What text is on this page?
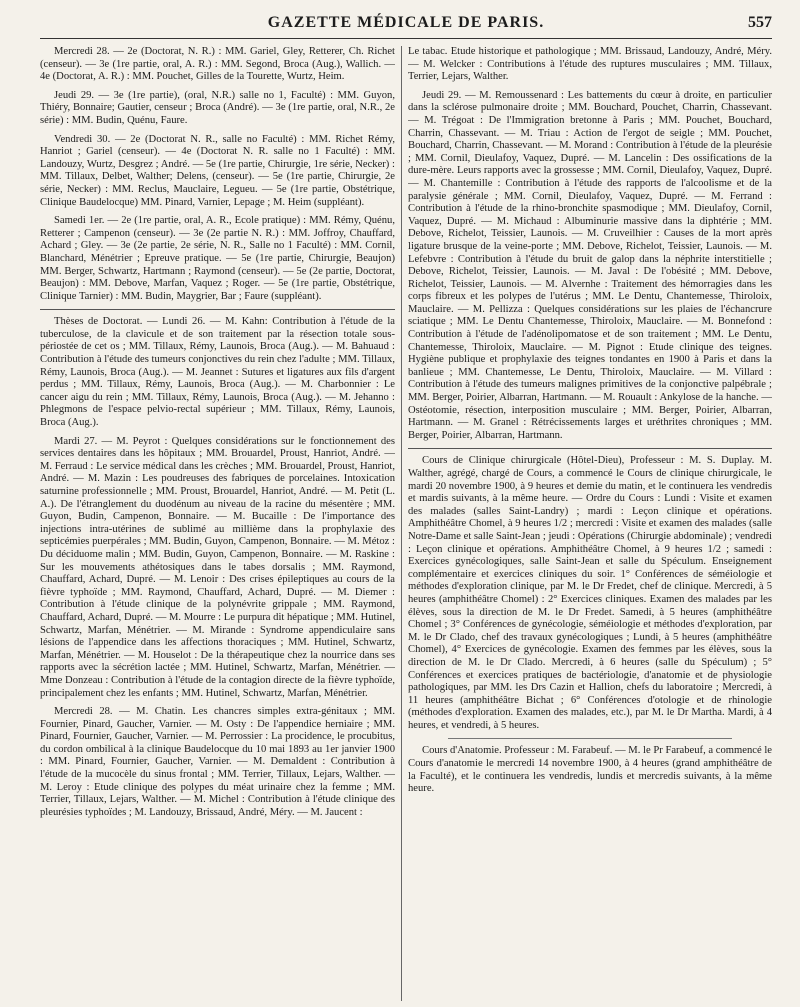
GAZETTE MÉDICALE DE PARIS.	557

Mercredi 28. — 2e (Doctorat, N. R.) : MM. Gariel, Gley, Retterer, Ch. Richet (censeur). — 3e (1re partie, oral, A. R.) : MM. Segond, Broca (Aug.), Wallich. — 4e (Doctorat, A. R.) : MM. Pouchet, Gilles de la Tourette, Wurtz, Heim.

Jeudi 29. — 3e (1re partie), (oral, N.R.) salle no 1, Faculté) : MM. Guyon, Thiéry, Bonnaire; Gautier, censeur ; Broca (André). — 3e (1re partie, oral, N.R., 2e série) : MM. Budin, Quénu, Faure.

Vendredi 30. — 2e (Doctorat N. R., salle no Faculté) : MM. Richet Rémy, Hanriot ; Gariel (censeur). — 4e (Doctorat N. R. salle no 1 Faculté) : MM. Landouzy, Wurtz, Desgrez ; André. — 5e (1re partie, Chirurgie, 1re série, Necker) : MM. Tillaux, Delbet, Walther; Delens, (censeur). — 5e (1re partie, Chirurgie, 2e série, Necker) : MM. Reclus, Mauclaire, Legueu. — 5e (1re partie, Obstétrique, Clinique Baudelocque) MM. Pinard, Varnier, Lepage ; M. Heim (suppléant).

Samedi 1er. — 2e (1re partie, oral, A. R., Ecole pratique) : MM. Rémy, Quénu, Retterer ; Campenon (censeur). — 3e (2e partie N. R.) : MM. Joffroy, Chauffard, Achard ; Gley. — 3e (2e partie, 2e série, N. R., Salle no 1 Faculté) : MM. Cornil, Blanchard, Ménétrier ; Epreuve pratique. — 5e (1re partie, Chirurgie, Beaujon) MM. Berger, Schwartz, Hartmann ; Raymond (censeur). — 5e (2e partie, Doctorat, Beaujon) : MM. Debove, Marfan, Vaquez ; Roger. — 5e (1re partie, Obstétrique, Clinique Tarnier) : MM. Budin, Maygrier, Bar ; Faure (suppléant).

Thèses de Doctorat. — Lundi 26. — M. Kahn: Contribution à l'étude de la tuberculose, de la clavicule et de son traitement par la résection totale sous-périostée de cet os ; MM. Tillaux, Rémy, Launois, Broca (Aug.). — M. Bahuaud : Contribution à l'étude des tumeurs conjonctives du rein chez l'adulte ; MM. Tillaux, Rémy, Launois, Broca (Aug.). — M. Jeannet : Sutures et ligatures aux fils d'argent perdus ; MM. Tillaux, Rémy, Launois, Broca (Aug.). — M. Charbonnier : Le cancer aigu du rein ; MM. Tillaux, Rémy, Launois, Broca (Aug.). — M. Jehanno : Phlegmons de l'espace pelvio-rectal supérieur ; MM. Tillaux, Rémy, Launois, Broca (Aug.).

Mardi 27. — M. Peyrot : Quelques considérations sur le fonctionnement des services dentaires dans les hôpitaux ; MM. Brouardel, Proust, Hanriot, André. — M. Ferraud : Le service médical dans les crèches ; MM. Brouardel, Proust, Hanriot, André. — M. Mazin : Les poudreuses des fabriques de porcelaines. Intoxication saturnine professionnelle ; MM. Proust, Brouardel, Hanriot, André. — M. Petit (L. A.). De l'étranglement du duodénum au niveau de la racine du mésentère ; MM. Guyon, Budin, Campenon, Bonnaire. — M. Bucaille : De l'importance des injections intra-utérines de sublimé au millième dans la prophylaxie des septicémies puerpérales ; MM. Budin, Guyon, Campenon, Bonnaire. — M. Métoz : Du déciduome malin ; MM. Budin, Guyon, Campenon, Bonnaire. — M. Raskine : Sur les mouvements athétosiques dans le tabes dorsalis ; MM. Raymond, Chauffard, Achard, Dupré. — M. Lenoir : Des crises épileptiques au cours de la fièvre typhoïde ; MM. Raymond, Chauffard, Achard, Dupré. — M. Diemer : Contribution à l'étude clinique de la polynévrite grippale ; MM. Raymond, Chauffard, Achard, Dupré. — M. Mourre : Le purpura dit hépatique ; MM. Hutinel, Schwartz, Marfan, Ménétrier. — M. Mirande : Syndrome appendiculaire sans lésions de l'appendice dans les affections thoraciques ; MM. Hutinel, Schwartz, Marfan, Ménétrier. — M. Houselot : De la thérapeutique chez la nourrice dans ses rapports avec la sécrétion lactée ; MM. Hutinel, Schwartz, Marfan, Ménétrier. — Mme Donzeau : Contribution à l'étude de la contagion directe de la fièvre typhoïde, principalement chez les enfants ; MM. Hutinel, Schwartz, Marfan, Ménétrier.

Mercredi 28. — M. Chatin. Les chancres simples extra-génitaux ; MM. Fournier, Pinard, Gaucher, Varnier. — M. Osty : De l'appendice herniaire ; MM. Pinard, Fournier, Gaucher, Varnier. — M. Perrossier : La procidence, le procubitus, du cordon ombilical à la clinique Baudelocque du 10 mai 1893 au 1er janvier 1900 : MM. Pinard, Fournier, Gaucher, Varnier. — M. Demaldent : Contribution à l'étude de la mucocèle du sinus frontal ; MM. Terrier, Tillaux, Lejars, Walther. — M. Leroy : Etude clinique des polypes du méat urinaire chez la femme ; MM. Terrier, Tillaux, Lejars, Walther. — M. Michel : Contribution à l'étude clinique des pleurésies typhoïdes ; M. Landouzy, Brissaud, André, Méry. — M. Jaucent :

Le tabac. Etude historique et pathologique ; MM. Brissaud, Landouzy, André, Méry. — M. Welcker : Contributions à l'étude des ruptures musculaires ; MM. Tillaux, Terrier, Lejars, Walther.

Jeudi 29. — M. Remoussenard : Les battements du cœur à droite, en particulier dans la sclérose pulmonaire droite ; MM. Bouchard, Pouchet, Charrin, Chassevant. — M. Trégoat : De l'Immigration bretonne à Paris ; MM. Pouchet, Bouchard, Charrin, Chassevant. — M. Triau : Action de l'ergot de seigle ; MM. Pouchet, Bouchard, Charrin, Chassevant. — M. Morand : Contribution à l'étude de la pleurésie ; MM. Cornil, Dieulafoy, Vaquez, Dupré. — M. Lancelin : Des ossifications de la dure-mère. Leurs rapports avec la grossesse ; MM. Cornil, Dieulafoy, Vaquez, Dupré. — M. Chantemille : Contribution à l'étude des rapports de l'alcoolisme et de la paralysie générale ; MM. Cornil, Dieulafoy, Vaquez, Dupré. — M. Ferrand : Contribution à l'étude de la rhino-bronchite spasmodique ; MM. Dieulafoy, Cornil, Vaquez, Dupré. — M. Michaud : Albuminurie massive dans la diphtérie ; MM. Debove, Richelot, Teissier, Launois. — M. Cruveilhier : Causes de la mort après ligature brusque de la veine-porte ; MM. Debove, Richelot, Teissier, Launois. — M. Lefebvre : Contribution à l'étude du bruit de galop dans la néphrite interstitielle ; Debove, Richelot, Teissier, Launois. — M. Javal : De l'obésité ; MM. Debove, Richelot, Teissier, Launois. — M. Alvernhe : Traitement des hémorragies dans les corps fibreux et les polypes de l'utérus ; MM. Le Dentu, Chantemesse, Thiroloix, Mauclaire. — M. Pellizza : Quelques considérations sur les plaies de l'échancrure sciatique ; MM. Le Dentu Chantemesse, Thiroloix, Mauclaire. — M. Bonnefond : Contribution à l'étude de l'adénolipomatose et de son traitement ; MM. Le Dentu, Chantemesse, Thiroloix, Mauclaire. — M. Pignot : Etude clinique des teignes. Hygiène publique et prophylaxie des teignes tondantes en 1900 à Paris et dans la banlieue ; MM. Chantemesse, Le Dentu, Thiroloix, Mauclaire. — M. Villard : Contribution à l'étude des tumeurs malignes primitives de la conjonctive palpébrale ; MM. Berger, Poirier, Albarran, Hartmann. — M. Rouault : Ankylose de la hanche. — Ostéotomie, résection, interposition musculaire ; MM. Berger, Poirier, Albarran, Hartmann. — M. Granel : Rétrécissements larges et uréthrites chroniques ; MM. Berger, Poirier, Albarran, Hartmann.

Cours de Clinique chirurgicale (Hôtel-Dieu), Professeur : M. S. Duplay. M. Walther, agrégé, chargé de Cours, a commencé le Cours de clinique chirurgicale, le mardi 20 novembre 1900, à 9 heures et demie du matin, et le continuera les vendredis et mardis suivants, à la même heure. — Ordre du Cours : Lundi : Visite et examen des malades (salles Saint-Landry) ; mardi : Leçon clinique et opérations. Amphithéâtre Chomel, à 9 heures 1/2 ; mercredi : Visite et examen des malades (salle Notre-Dame et salle Saint-Jean ; jeudi : Opérations (Chirurgie abdominale) ; vendredi : Leçon clinique et opérations. Amphithéâtre Chomel, à 9 heures 1/2 ; samedi : Exercices gynécologiques, salle Saint-Jean et salle du Spéculum. Enseignement complémentaire et exercices cliniques du soir. 1° Conférences de séméiologie et méthodes d'exploration clinique, par M. le Dr Fredet, chef de clinique. Mercredi, à 5 heures (amphithéâtre Chomel) : 2° Exercices cliniques. Examen des malades par les élèves, sous la direction de M. le Dr Fredet. Samedi, à 5 heures (amphithéâtre Chomel ; 3° Conférences de gynécologie, séméiologie et méthodes d'exploration, par M. le Dr Clado, chef des travaux gynécologiques ; Lundi, à 5 heures (amphithéâtre Chomel), 4° Exercices de gynécologie. Examen des femmes par les élèves, sous la direction de M. le Dr Clado. Mercredi, à 6 heures (salle du Spéculum) ; 5° Conférences et exercices pratiques de bactériologie, d'anatomie et de physiologie pathologiques, par MM. les Drs Cazin et Hallion, chefs du laboratoire ; Mercredi, à 11 heures (amphithéâtre Bichat ; 6° Conférences d'otologie et de rhinologie (méthodes d'exploration. Examen des malades, etc.), par M. le Dr Martha. Mardi, à 4 heures, et vendredi, à 5 heures.

Cours d'Anatomie. Professeur : M. Farabeuf. — M. le Pr Farabeuf, a commencé le Cours d'anatomie le mercredi 14 novembre 1900, à 4 heures (grand amphithéâtre de la Faculté), et le continuera les vendredis, lundis et mercredis suivants, à la même heure.
